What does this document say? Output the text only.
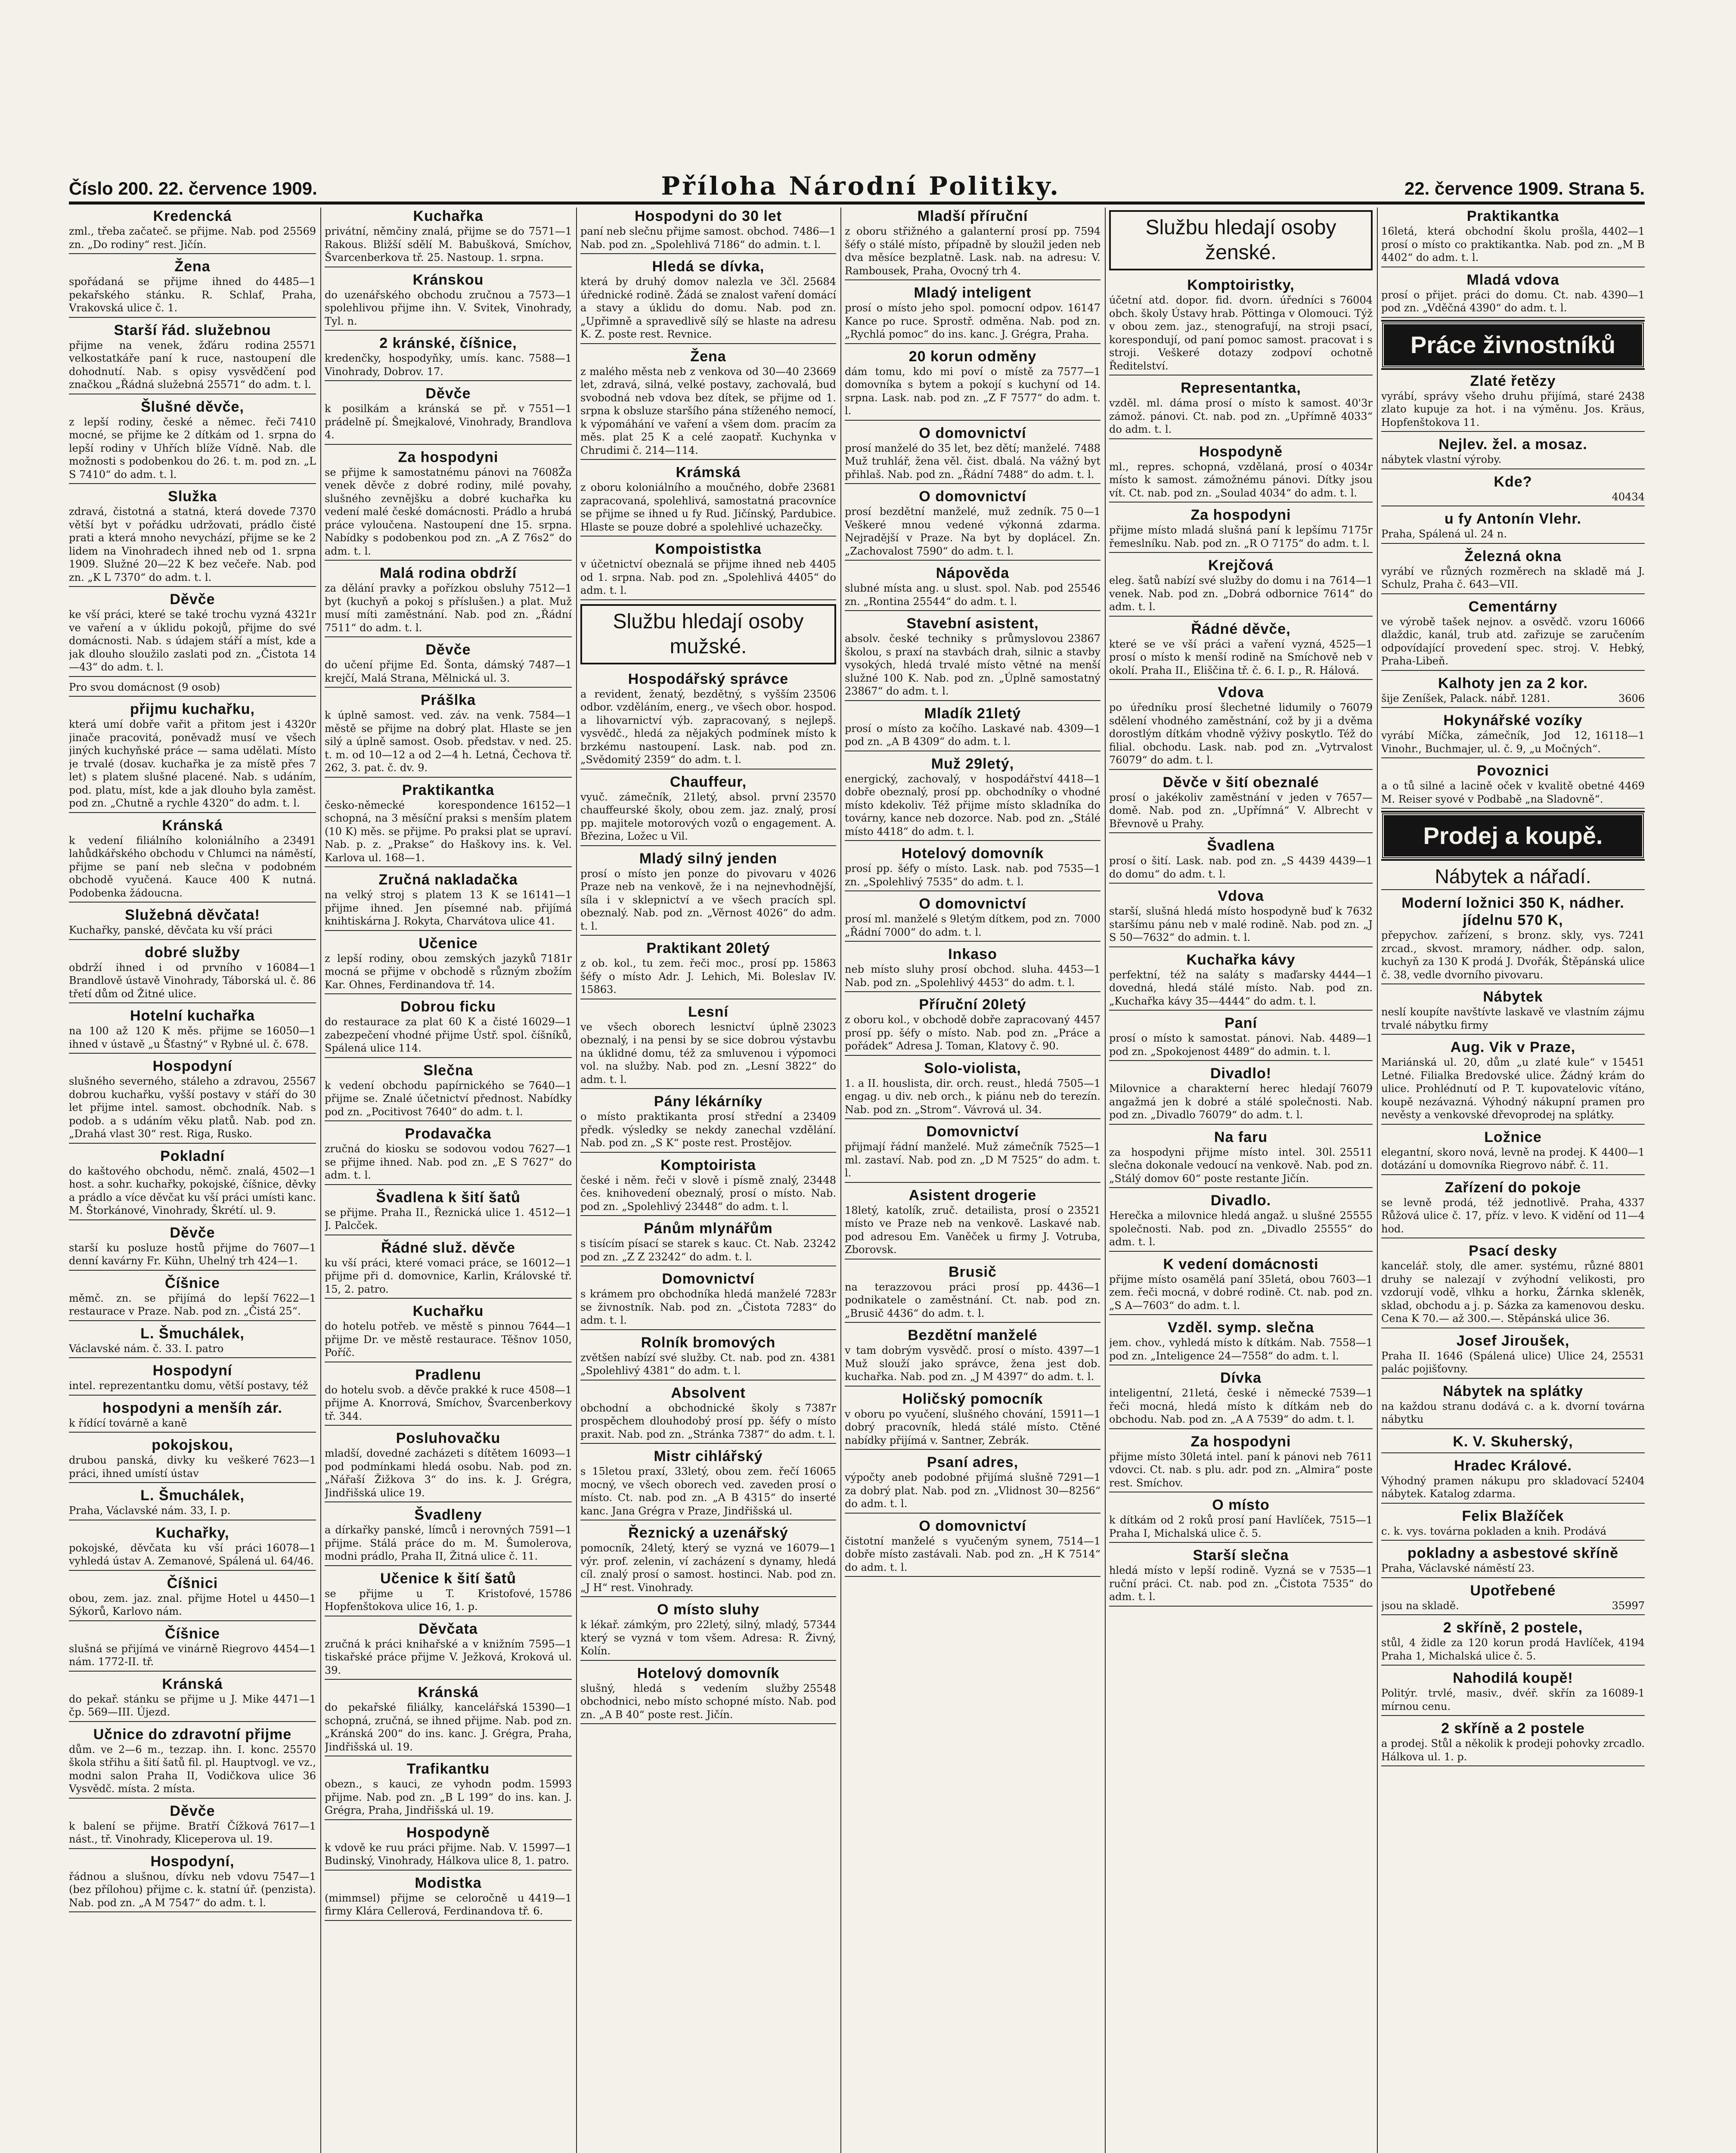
Číslo 200. 22. července 1909.	Příloha Národní Politiky.	22. července 1909. Strana 5.
Kredencká
25569
zml., třeba začateč. se přijme. Nab. pod zn. „Do rodiny“ rest. Jičín.
Žena
4485—1
spořádaná se přijme ihned do pekařského stánku. R. Schlaf, Praha, Vrakovská ulice č. 1.
Starší řád. služebnou
25571
přijme na venek, žďáru rodina velkostatkáře paní k ruce, nastoupení dle dohodnutí. Nab. s opisy vysvědčení pod značkou „Řádná služebná 25571“ do adm. t. l.
Šlušné děvče,
7410
z lepší rodiny, české a němec. řeči mocné, se přijme ke 2 dítkám od 1. srpna do lepší rodiny v Uhřích blíže Vídně. Nab. dle možnosti s podobenkou do 26. t. m. pod zn. „L S 7410“ do adm. t. l.
Služka
7370
zdravá, čistotná a statná, která dovede větší byt v pořádku udržovati, prádlo čisté prati a která mnoho nevychází, přijme se ke 2 lidem na Vinohradech ihned neb od 1. srpna 1909. Služné 20—22 K bez večeře. Nab. pod zn. „K L 7370“ do adm. t. l.
Děvče
4321r
ke vší práci, které se také trochu vyzná ve vaření a v úklidu pokojů, přijme do své domácnosti. Nab. s údajem stáří a míst, kde a jak dlouho sloužilo zaslati pod zn. „Čistota 14—43“ do adm. t. l.
Pro svou domácnost (9 osob)
přijmu kuchařku,
4320r
která umí dobře vařit a přitom jest i jinače pracovitá, poněvadž musí ve všech jiných kuchyňské práce — sama udělati. Místo je trvalé (dosav. kuchařka je za místě přes 7 let) s platem slušné placené. Nab. s udáním, pod. platu, míst, kde a jak dlouho byla zaměst. pod zn. „Chutně a rychle 4320“ do adm. t. l.
Kránská
23491
k vedení filiálního koloniálního a lahůdkářského obchodu v Chlumci na náměstí, přijme se paní neb slečna v podobném obchodě vyučená. Kauce 400 K nutná. Podobenka žádoucna.
Služebná děvčata!
Kuchařky, panské, děvčata ku vší práci
dobré služby
16084—1
obdrží ihned i od prvního v Brandlově ústavě Vinohrady, Táborská ul. č. 86 třetí dům od Žitné ulice.
Hotelní kuchařka
16050—1
na 100 až 120 K měs. přijme se ihned v ústavě „u Šťastný“ v Rybné ul. č. 678.
Hospodyní
25567
slušného severného, stáleho a zdravou, dobrou kuchařku, vyšší postavy v stáří do 30 let přijme intel. samost. obchodník. Nab. s podob. a s udáním věku platů. Nab. pod zn. „Drahá vlast 30“ rest. Riga, Rusko.
Pokladní
4502—1
do kaštového obchodu, němč. znalá, host. a sohr. kuchařky, pokojské, číšnice, děvky a prádlo a více děvčat ku vší práci umísti kanc. M. Štorkánové, Vinohrady, Škrétí. ul. 9.
Děvče
7607—1
starší ku posluze hostů přijme do denní kavárny Fr. Kühn, Uhelný trh 424—1.
Číšnice
7622—1
měmč. zn. se přijímá do lepší restaurace v Praze. Nab. pod zn. „Čistá 25“.
L. Šmuchálek,
Václavské nám. č. 33. I. patro
Hospodyní
intel. reprezentantku domu, větší postavy, též
hospodyni a menšíh zár.
k řídící továrně a kaně
pokojskou,
7623—1
drubou panská, divky ku veškeré práci, ihned umístí ústav
L. Šmuchálek,
Praha, Václavské nám. 33, I. p.
Kuchařky,
16078—1
pokojské, děvčata ku vší práci vyhledá ústav A. Zemanové, Spálená ul. 64/46.
Číšnici
4450—1
obou, zem. jaz. znal. přijme Hotel u Sýkorů, Karlovo nám.
Číšnice
4454—1
slušná se přijímá ve vinárně Riegrovo nám. 1772-II. tř.
Kránská
4471—1
do pekař. stánku se přijme u J. Mike čp. 569—III. Újezd.
Učnice do zdravotní přijme
25570
dům. ve 2—6 m., tezzap. ihn. I. konc. škola střihu a šití šatů fil. pl. Hauptvogl. ve vz., modni salon Praha II, Vodičkova ulice 36 Vysvědč. místa. 2 místa.
Děvče
7617—1
k balení se přijme. Bratří Čížková nást., tř. Vinohrady, Kliceperova ul. 19.
Hospodyní,
7547—1
řádnou a slušnou, dívku neb vdovu (bez přílohou) přijme c. k. statní úř. (penzista). Nab. pod zn. „A M 7547“ do adm. t. l.
Kuchařka
7571—1
privátní, němčiny znalá, přijme se do Rakous. Bližší sdělí M. Babušková, Smíchov, Švarcenberkova tř. 25. Nastoup. 1. srpna.
Kránskou
7573—1
do uzenářského obchodu zručnou a spolehlivou přijme ihn. V. Svitek, Vinohrady, Tyl. n.
2 kránské, číšnice,
7588—1
kredenčky, hospodyňky, umís. kanc. Vinohrady, Dobrov. 17.
Děvče
7551—1
k posilkám a kránská se př. v prádelně pí. Šmejkalové, Vinohrady, Brandlova 4.
Za hospodyni
7608Ža
se přijme k samostatnému pánovi na venek děvče z dobré rodiny, milé povahy, slušného zevnějšku a dobré kuchařka ku vedení malé české domácnosti. Prádlo a hrubá práce vyloučena. Nastoupení dne 15. srpna. Nabídky s podobenkou pod zn. „A Z 76s2“ do adm. t. l.
Malá rodina obdrží
7512—1
za dělání pravky a pořízkou obsluhy byt (kuchyň a pokoj s příslušen.) a plat. Muž musí míti zaměstnání. Nab. pod zn. „Řádní 7511“ do adm. t. l.
Děvče
7487—1
do učení přijme Ed. Šonta, dámský krejčí, Malá Strana, Mělnická ul. 3.
Prášlka
7584—1
k úplně samost. ved. záv. na venk. městě se přijme na dobrý plat. Hlaste se jen silý a úplně samost. Osob. představ. v ned. 25. t. m. od 10—12 a od 2—4 h. Letná, Čechova tř. 262, 3. pat. č. dv. 9.
Praktikantka
16152—1
česko-německé korespondence schopná, na 3 měsíční praksi s menším platem (10 K) měs. se přijme. Po praksi plat se upraví. Nab. p. z. „Prakse“ do Haškovy ins. k. Vel. Karlova ul. 168—1.
Zručná nakladačka
16141—1
na velký stroj s platem 13 K se přijme ihned. Jen písemné nab. přijímá knihtiskárna J. Rokyta, Charvátova ulice 41.
Učenice
7181r
z lepší rodiny, obou zemských jazyků mocná se přijme v obchodě s různým zbožím Kar. Ohnes, Ferdinandova tř. 14.
Dobrou ficku
16029—1
do restaurace za plat 60 K a čisté zabezpečení vhodné přijme Ústř. spol. číšníků, Spálená ulice 114.
Slečna
7640—1
k vedení obchodu papírnického se přijme se. Znalé účetnictví přednost. Nabídky pod zn. „Pocitivost 7640“ do adm. t. l.
Prodavačka
7627—1
zručná do kiosku se sodovou vodou se přijme ihned. Nab. pod zn. „E S 7627“ do adm. t. l.
Švadlena k šití šatů
4512—1
se přijme. Praha II., Řeznická ulice 1. J. Palcček.
Řádné služ. děvče
16012—1
ku vší práci, které vomaci práce, se přijme při d. domovnice, Karlin, Královské tř. 15, 2. patro.
Kuchařku
7644—1
do hotelu potřeb. ve městě s pinnou přijme Dr. ve městě restaurace. Těšnov 1050, Poříč.
Pradlenu
4508—1
do hotelu svob. a děvče prakké k ruce přijme A. Knorrová, Smíchov, Švarcenberkovy tř. 344.
Posluhovačku
16093—1
mladší, dovedné zacházeti s dítětem pod podmínkami hledá osobu. Nab. pod zn. „Nářaší Žižkova 3“ do ins. k. J. Grégra, Jindřišská ulice 19.
Švadleny
7591—1
a dírkařky panské, límců i nerovných přijme. Stálá práce do m. M. Šumolerova, modni prádlo, Praha II, Žitná ulice č. 11.
Učenice k šití šatů
15786
se přijme u T. Kristofové, Hopfenštokova ulice 16, 1. p.
Děvčata
7595—1
zručná k práci knihařské a v knižním tiskařské práce přijme V. Ježková, Kroková ul. 39.
Kránská
15390—1
do pekařské filiálky, kancelářská schopná, zručná, se ihned přijme. Nab. pod zn. „Kránská 200“ do ins. kanc. J. Grégra, Praha, Jindřišská ul. 19.
Trafikantku
15993
obezn., s kauci, ze vyhodn podm. přijme. Nab. pod zn. „B L 199“ do ins. kan. J. Grégra, Praha, Jindřišská ul. 19.
Hospodyně
15997—1
k vdově ke ruu práci přijme. Nab. V. Budinský, Vinohrady, Hálkova ulice 8, 1. patro.
Modistka
4419—1
(mimmsel) přijme se celoročně u firmy Klára Cellerová, Ferdinandova tř. 6.
Hospodyni do 30 let
7486—1
paní neb slečnu přijme samost. obchod. Nab. pod zn. „Spolehlivá 7186“ do admin. t. l.
Hledá se dívka,
25684
která by druhý domov nalezla ve 3čl. úřednické rodině. Žádá se znalost vaření domácí a stavy a úklidu do domu. Nab. pod zn. „Upřimně a spravedlivě sílý se hlaste na adresu K. Z. poste rest. Revnice.
Žena
23669
z malého města neb z venkova od 30—40 let, zdravá, silná, velké postavy, zachovalá, bud svobodná neb vdova bez dítek, se přijme od 1. srpna k obsluze staršího pána stíženého nemocí, k výpomáhání ve vaření a všem dom. pracím za měs. plat 25 K a celé zaopatř. Kuchynka v Chrudimi č. 214—114.
Krámská
23681
z oboru koloniálního a moučného, dobře zapracovaná, spolehlivá, samostatná pracovníce se přijme se ihned u fy Rud. Jičínský, Pardubice. Hlaste se pouze dobré a spolehlivé uchazečky.
Kompoististka
4405
v účetnictví obeznalá se přijme ihned neb od 1. srpna. Nab. pod zn. „Spolehlivá 4405“ do adm. t. l.
Službu hledají osoby mužské.
Hospodářský správce
23506
a revident, ženatý, bezdětný, s vyšším odbor. vzděláním, energ., ve všech obor. hospod. a lihovarnictví výb. zapracovaný, s nejlepš. vysvědč., hledá za nějakých podmínek místo k brzkému nastoupení. Lask. nab. pod zn. „Svědomitý 2359“ do adm. t. l.
Chauffeur,
23570
vyuč. zámečník, 21letý, absol. první chauffeurské školy, obou zem. jaz. znalý, prosí pp. majitele motorových vozů o engagement. A. Březina, Ložec u Vil.
Mladý silný jenden
4026
prosí o místo jen ponze do pivovaru v Praze neb na venkově, že i na nejnevhodnější, síla i v sklepnictví a ve všech pracích spl. obeznalý. Nab. pod zn. „Věrnost 4026“ do adm. t. l.
Praktikant 20letý
15863
z ob. kol., tu zem. řeči moc., prosí pp. šéfy o místo Adr. J. Lehich, Mi. Boleslav IV. 15863.
Lesní
23023
ve všech oborech lesnictví úplně obeznalý, i na pensi by se sice dobrou výstavbu na úklidné domu, též za smluvenou i výpomoci vol. na služby. Nab. pod zn. „Lesní 3822“ do adm. t. l.
Pány lékárníky
23409
o místo praktikanta prosí střední a předk. výsledky se nekdy zanechal vzdělání. Nab. pod zn. „S K“ poste rest. Prostějov.
Komptoirista
23448
české i něm. řeči v slově i písmě znalý, čes. knihovedení obeznalý, prosí o místo. Nab. pod zn. „Spolehlivý 23448“ do adm. t. l.
Pánům mlynářům
23242
s tisícím písací se starek s kauc. Ct. Nab. pod zn. „Z Z 23242“ do adm. t. l.
Domovnictví
7283r
s krámem pro obchodníka hledá manželé se živnostník. Nab. pod zn. „Čistota 7283“ do adm. t. l.
Rolník bromových
4381
zvětšen nabízí své služby. Ct. nab. pod zn. „Spolehlivý 4381“ do adm. t. l.
Absolvent
7387r
obchodní a obchodnické školy s prospěchem dlouhodobý prosí pp. šéfy o místo praxit. Nab. pod zn. „Stránka 7387“ do adm. t. l.
Mistr cihlářský
16065
s 15letou praxí, 33letý, obou zem. řečí mocný, ve všech oborech ved. zaveden prosí o místo. Ct. nab. pod zn. „A B 4315“ do inserté kanc. Jana Grégra v Praze, Jindřišská ul.
Řeznický a uzenářský
16079—1
pomocník, 24letý, který se vyzná ve výr. prof. zelenin, ví zacházení s dynamy, hledá cíl. znalý prosí o samost. hostinci. Nab. pod zn. „J H“ rest. Vinohrady.
O místo sluhy
57344
k lékař. zámkým, pro 22letý, silný, mladý, který se vyzná v tom všem. Adresa: R. Živný, Kolín.
Hotelový domovník
25548
slušný, hledá s vedením služby obchodnici, nebo místo schopné místo. Nab. pod zn. „A B 40“ poste rest. Jičín.
Mladší příruční
7594
z oboru střižného a galanterní prosí pp. šéfy o stálé místo, případně by sloužil jeden neb dva měsíce bezplatně. Lask. nab. na adresu: V. Rambousek, Praha, Ovocný trh 4.
Mladý inteligent
16147
prosí o místo jeho spol. pomocní odpov. Kance po ruce. Sprostř. odměna. Nab. pod zn. „Rychlá pomoc“ do ins. kanc. J. Grégra, Praha.
20 korun odměny
7577—1
dám tomu, kdo mi poví o místě za domovníka s bytem a pokojí s kuchyní od 14. srpna. Lask. nab. pod zn. „Z F 7577“ do adm. t. l.
O domovnictví
7488
prosí manželé do 35 let, bez dětí; manželé. Muž truhlář, žena věl. čist. dbalá. Na vážný byt přihlaš. Nab. pod zn. „Řádní 7488“ do adm. t. l.
O domovnictví
75 0—1
prosí bezdětní manželé, muž zedník. Veškeré mnou vedené výkonná zdarma. Nejradější v Praze. Na byt by doplácel. Zn. „Zachovalost 7590“ do adm. t. l.
Nápověda
25546
slubné místa ang. u slust. spol. Nab. pod zn. „Rontina 25544“ do adm. t. l.
Stavební asistent,
23867
absolv. české techniky s průmyslovou školou, s praxí na stavbách drah, silnic a stavby vysokých, hledá trvalé místo větné na menší služné 100 K. Nab. pod zn. „Úplně samostatný 23867“ do adm. t. l.
Mladík 21letý
4309—1
prosí o místo za kočího. Laskavé nab. pod zn. „A B 4309“ do adm. t. l.
Muž 29letý,
4418—1
energický, zachovalý, v hospodářství dobře obeznalý, prosí pp. obchodníky o vhodné místo kdekoliv. Též přijme místo skladníka do továrny, kance neb dozorce. Nab. pod zn. „Stálé místo 4418“ do adm. t. l.
Hotelový domovník
7535—1
prosí pp. šéfy o místo. Lask. nab. pod zn. „Spolehlivý 7535“ do adm. t. l.
O domovnictví
7000
prosí ml. manželé s 9letým dítkem, pod zn. „Řádní 7000“ do adm. t. l.
Inkaso
4453—1
neb místo sluhy prosí obchod. sluha. Nab. pod zn. „Spolehlivý 4453“ do adm. t. l.
Příruční 20letý
4457
z oboru kol., v obchodě dobře zapracovaný prosí pp. šéfy o místo. Nab. pod zn. „Práce a pořádek“ Adresa J. Toman, Klatovy č. 90.
Solo-violista,
7505—1
1. a II. houslista, dir. orch. reust., hledá engag. u div. neb orch., k piánu neb do terezín. Nab. pod zn. „Strom“. Vávrová ul. 34.
Domovnictví
7525—1
přijmají řádní manželé. Muž zámečník ml. zastaví. Nab. pod zn. „D M 7525“ do adm. t. l.
Asistent drogerie
23521
18letý, katolík, zruč. detailista, prosí o místo ve Praze neb na venkově. Laskavé nab. pod adresou Em. Vaněček u firmy J. Votruba, Zborovsk.
Brusič
4436—1
na terazzovou práci prosí pp. podnikatele o zaměstnání. Ct. nab. pod zn. „Brusič 4436“ do adm. t. l.
Bezdětní manželé
4397—1
v tam dobrým vysvědč. prosí o místo. Muž slouží jako správce, žena jest dob. kuchařka. Nab. pod zn. „J M 4397“ do adm. t. l.
Holičský pomocník
15911—1
v oboru po vyučení, slušného chování, dobrý pracovník, hledá stálé místo. Ctěné nabídky přijímá v. Santner, Zebrák.
Psaní adres,
7291—1
výpočty aneb podobné přijímá slušně za dobrý plat. Nab. pod zn. „Vlidnost 30—8256“ do adm. t. l.
O domovnictví
7514—1
čistotní manželé s vyučeným synem, dobře místo zastávali. Nab. pod zn. „H K 7514“ do adm. t. l.
Službu hledají osoby ženské.
Komptoiristky,
76004
účetní atd. dopor. fid. dvorn. úředníci s obch. školy Ústavy hrab. Pöttinga v Olomouci. Týž v obou zem. jaz., stenografují, na stroji psací, korespondují, od paní pomoc samost. pracovat i s stroji. Veškeré dotazy zodpoví ochotně Ředitelství.
Representantka,
40'3r
vzděl. ml. dáma prosí o místo k samost. zámož. pánovi. Ct. nab. pod zn. „Upřímně 4033“ do adm. t. l.
Hospodyně
4034r
ml., repres. schopná, vzdělaná, prosí o místo k samost. zámožnému pánovi. Dítky jsou vít. Ct. nab. pod zn. „Soulad 4034“ do adm. t. l.
Za hospodyni
7175r
přijme místo mladá slušná paní k lepšímu řemeslníku. Nab. pod zn. „R O 7175“ do adm. t. l.
Krejčová
7614—1
eleg. šatů nabízí své služby do domu i na venek. Nab. pod zn. „Dobrá odbornice 7614“ do adm. t. l.
Řádné děvče,
4525—1
které se ve vší práci a vaření vyzná, prosí o místo k menší rodině na Smíchově neb v okolí. Praha II., Eliščina tř. č. 6. I. p., R. Hálová.
Vdova
76079
po úředníku prosí šlechetné lidumily o sdělení vhodného zaměstnání, což by ji a dvěma dorostlým dítkám vhodně výživy poskytlo. Též do filial. obchodu. Lask. nab. pod zn. „Vytrvalost 76079“ do adm. t. l.
Děvče v šití obeznalé
7657—
prosí o jakékoliv zaměstnání v jeden v domě. Nab. pod zn. „Upřímná“ V. Albrecht v Břevnově u Prahy.
Švadlena
4439—1
prosí o šití. Lask. nab. pod zn. „S 4439 do domu“ do adm. t. l.
Vdova
7632
starší, slušná hledá místo hospodyně buď k staršímu pánu neb v malé rodině. Nab. pod zn. „J S 50—7632“ do admin. t. l.
Kuchařka kávy
4444—1
perfektní, též na saláty s maďarsky dovedná, hledá stálé místo. Nab. pod zn. „Kuchařka kávy 35—4444“ do adm. t. l.
Paní
4489—1
prosí o místo k samostat. pánovi. Nab. pod zn. „Spokojenost 4489“ do admin. t. l.
Divadlo!
76079
Milovnice a charakterní herec hledají angažmá jen k dobré a stálé společnosti. Nab. pod zn. „Divadlo 76079“ do adm. t. l.
Na faru
25511
za hospodyni přijme místo intel. 30l. slečna dokonale vedoucí na venkově. Nab. pod zn. „Stálý domov 60“ poste restante Jičín.
Divadlo.
25555
Herečka a milovnice hledá angaž. u slušné společnosti. Nab. pod zn. „Divadlo 25555“ do adm. t. l.
K vedení domácnosti
7603—1
přijme místo osamělá paní 35letá, obou zem. řeči mocná, v dobré rodině. Ct. nab. pod zn. „S A—7603“ do adm. t. l.
Vzděl. symp. slečna
7558—1
jem. chov., vyhledá místo k dítkám. Nab. pod zn. „Inteligence 24—7558“ do adm. t. l.
Dívka
7539—1
inteligentní, 21letá, české i německé řeči mocná, hledá místo k dítkám neb do obchodu. Nab. pod zn. „A A 7539“ do adm. t. l.
Za hospodyni
7611
přijme místo 30letá intel. paní k pánovi neb vdovci. Ct. nab. s plu. adr. pod zn. „Almira“ poste rest. Smíchov.
O místo
7515—1
k dítkám od 2 roků prosí paní Havlíček, Praha I, Michalská ulice č. 5.
Starší slečna
7535—1
hledá místo v lepší rodině. Vyzná se v ruční práci. Ct. nab. pod zn. „Čistota 7535“ do adm. t. l.
Praktikantka
4402—1
16letá, která obchodní školu prošla, prosí o místo co praktikantka. Nab. pod zn. „M B 4402“ do adm. t. l.
Mladá vdova
4390—1
prosí o přijet. práci do domu. Ct. nab. pod zn. „Vděčná 4390“ do adm. t. l.
Práce živnostníků
Zlaté řetězy
2438
vyrábí, správy všeho druhu přijímá, staré zlato kupuje za hot. i na výměnu. Jos. Kräus, Hopfenštokova 11.
Nejlev. žel. a mosaz.
nábytek vlastní výroby.
Kde?
40434
u fy Antonín Vlehr.
Praha, Spálená ul. 24 n.
Železná okna
vyrábí ve různých rozměrech na skladě má J. Schulz, Praha č. 643—VII.
Cementárny
16066
ve výrobě tašek nejnov. a osvědč. vzoru dlaždic, kanál, trub atd. zařizuje se zaručením odpovídající provedení spec. stroj. V. Hebký, Praha-Libeň.
Kalhoty jen za 2 kor.
3606
šije Zeníšek, Palack. nábř. 1281.
Hokynářské vozíky
16118—1
vyrábí Míčka, zámečník, Jod 12, Vinohr., Buchmajer, ul. č. 9, „u Močných“.
Povoznici
4469
a o tů silné a lacině oček v kvalitě obetné M. Reiser syové v Podbabě „na Sladovně“.
Prodej a koupě.
Nábytek a nářadí.
Moderní ložnici 350 K, nádher. jídelnu 570 K,
7241
přepychov. zařízení, s bronz. skly, vys. zrcad., skvost. mramory, nádher. odp. salon, kuchyň za 130 K prodá J. Dvořák, Štěpánská ulice č. 38, vedle dvorního pivovaru.
Nábytek
neslí koupíte navštívte laskavě ve vlastním zájmu trvalé nábytku firmy
Aug. Vik v Praze,
15451
Mariánská ul. 20, dům „u zlaté kule“ v Letné. Filialka Bredovské ulice. Žádný krám do ulice. Prohlédnutí od P. T. kupovatelovic vítáno, koupě nezávazná. Výhodný nákupní pramen pro nevěsty a venkovské dřevoprodej na splátky.
Ložnice
4400—1
elegantní, skoro nová, levně na prodej. K dotázání u domovníka Riegrovo nábř. č. 11.
Zařízení do pokoje
4337
se levně prodá, též jednotlivě. Praha, Růžová ulice č. 17, příz. v levo. K vidění od 11—4 hod.
Psací desky
8801
kancelář. stoly, dle amer. systému, různé druhy se nalezají v zvýhodní velikosti, pro vzdorují vodě, vlhku a horku, Žárnka skleněk, sklad, obchodu a j. p. Sázka za kamenovou desku. Cena K 70.— až 300.—. Stěpánská ulice 36.
Josef Jiroušek,
25531
Praha II. 1646 (Spálená ulice) Ulice 24, palác pojišťovny.
Nábytek na splátky
na každou stranu dodává c. a k. dvorní továrna nábytku
K. V. Skuherský,
Hradec Králové.
52404
Výhodný pramen nákupu pro skladovací nábytek. Katalog zdarma.
Felix Blažíček
c. k. vys. továrna pokladen a knih. Prodává
pokladny a asbestové skříně
Praha, Václavské náměstí 23.
Upotřebené
35997
jsou na skladě.
2 skříně, 2 postele,
4194
stůl, 4 židle za 120 korun prodá Havlíček, Praha 1, Michalská ulice č. 5.
Nahodilá koupě!
16089-1
Politýr. trvlé, masiv., dvéř. skřín za mírnou cenu.
2 skříně a 2 postele
a prodej. Stůl a několik k prodeji pohovky zrcadlo. Hálkova ul. 1. p.
